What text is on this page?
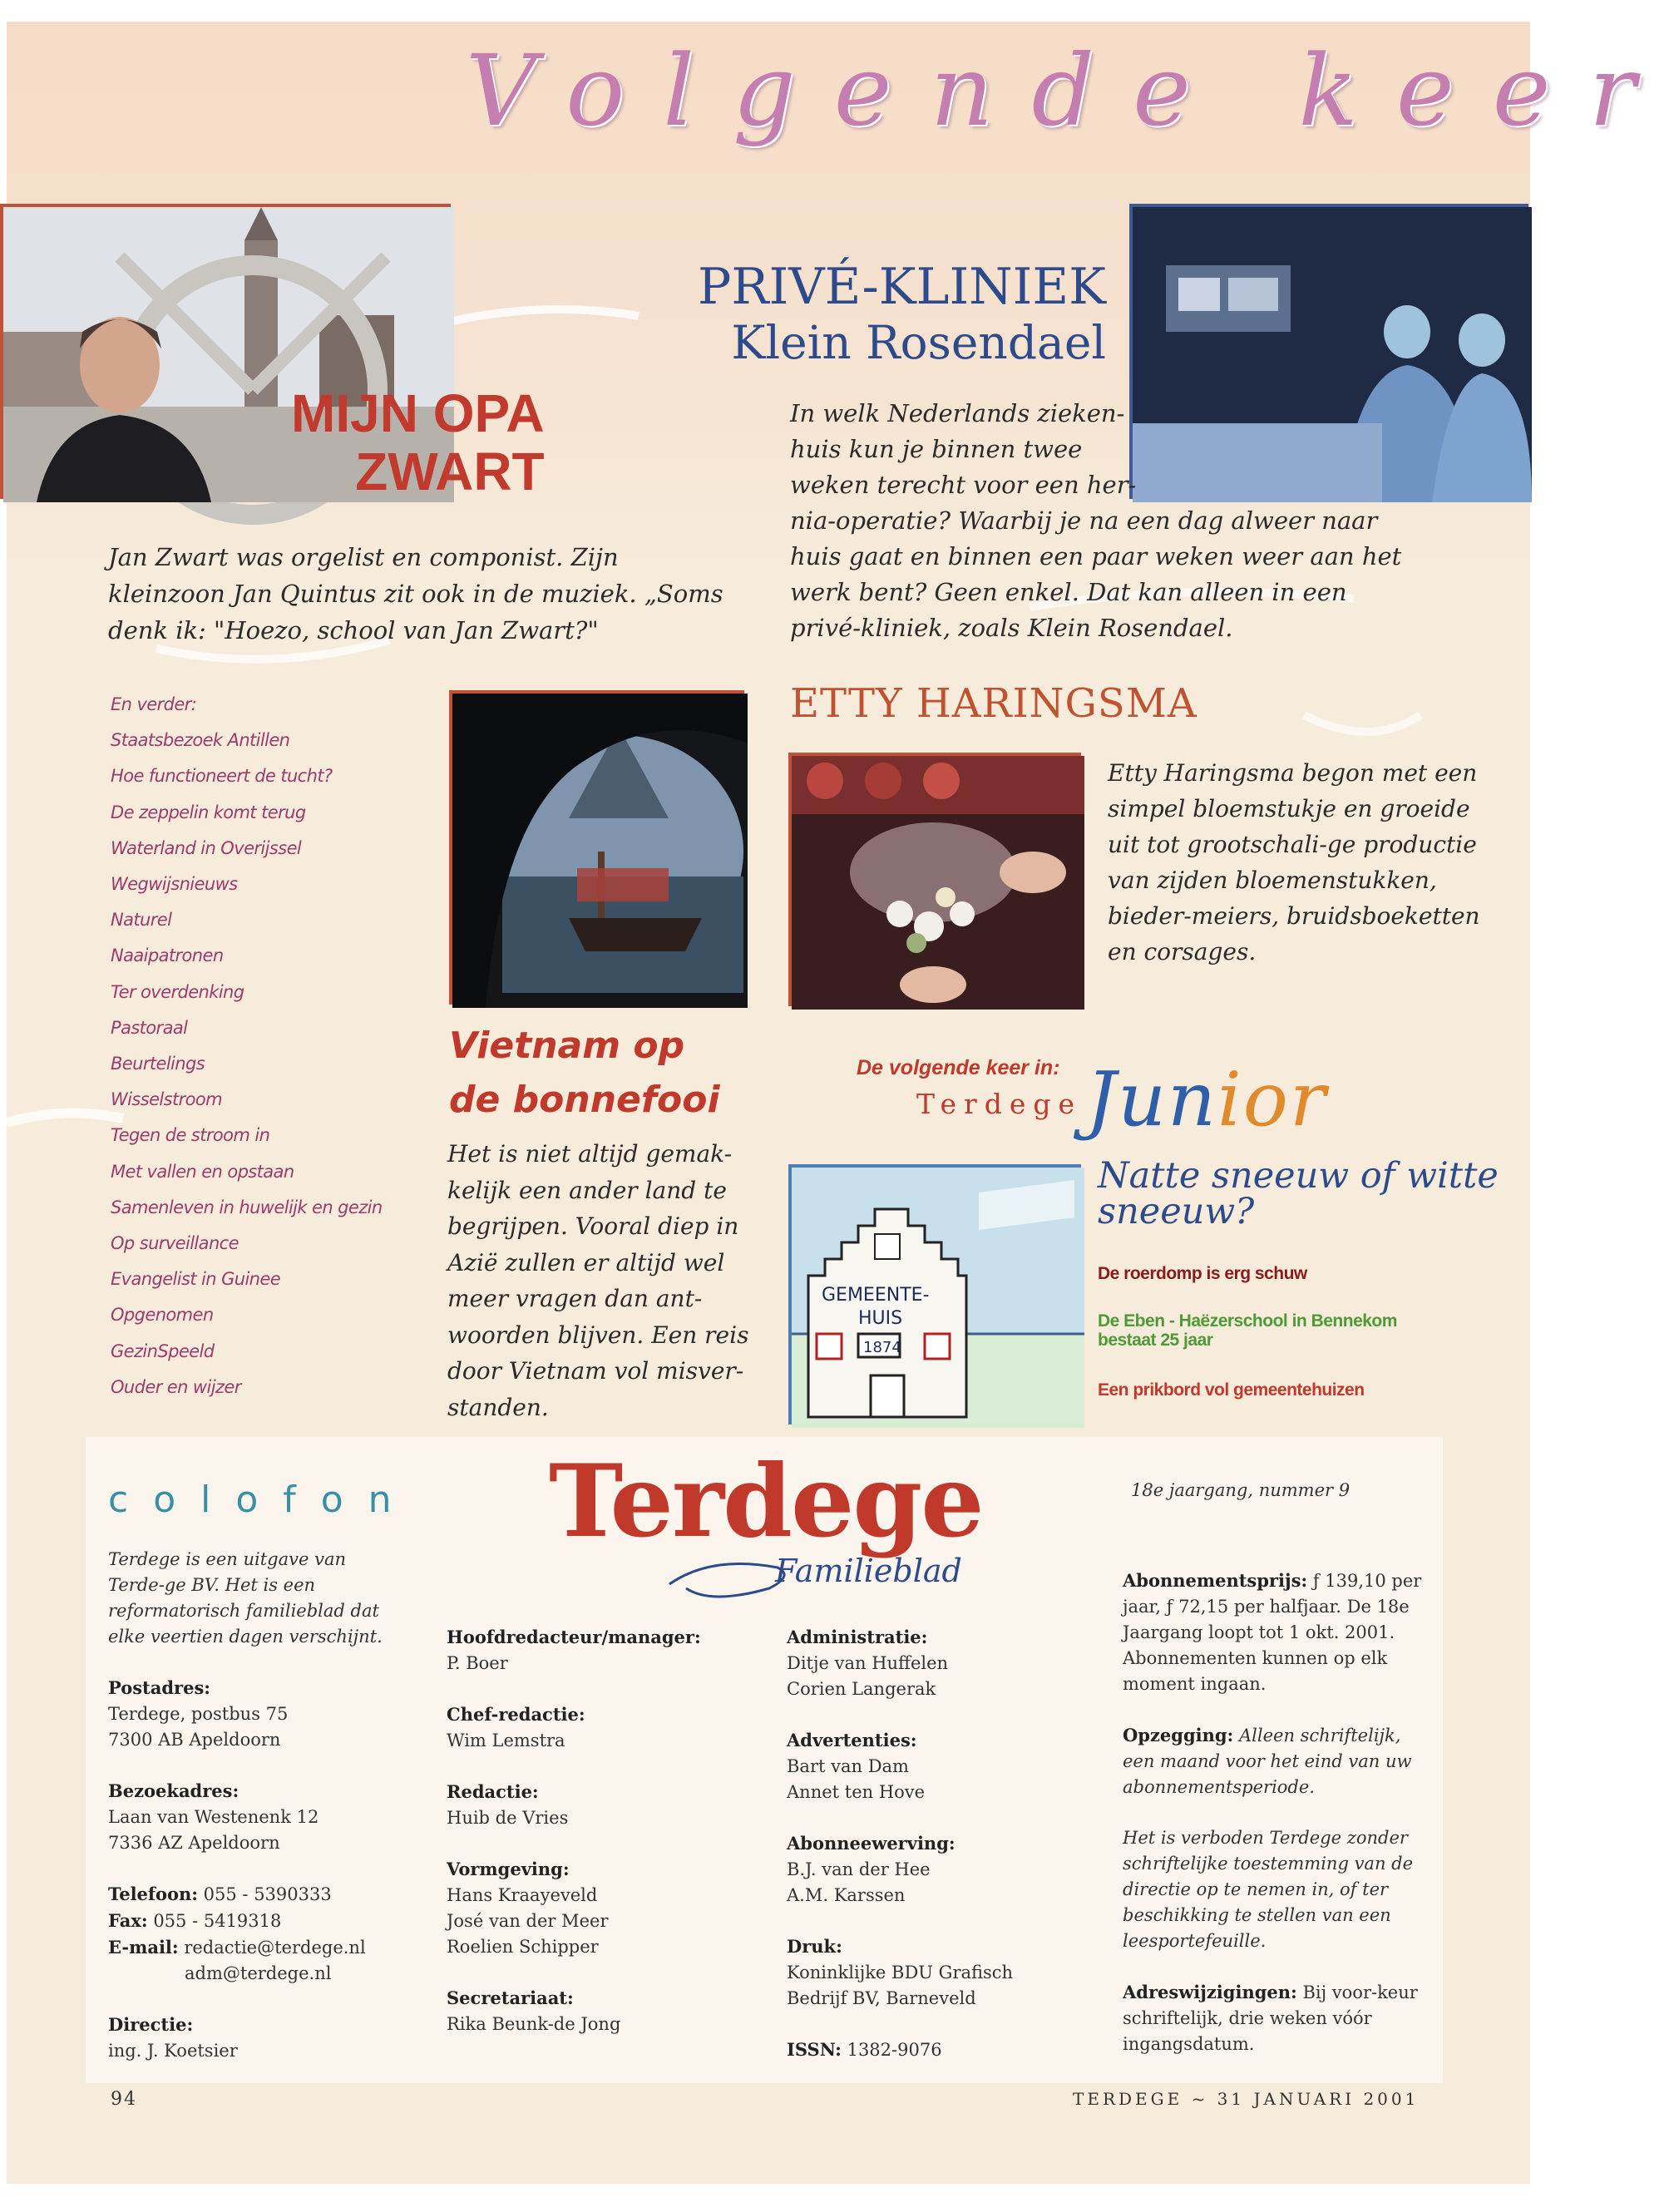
Volgende keer
MIJN OPA
ZWART
Jan Zwart was orgelist en componist. Zijn kleinzoon Jan Quintus zit ook in de muziek. „Soms denk ik: "Hoezo, school van Jan Zwart?"
PRIVÉ-KLINIEK
Klein Rosendael
In welk Nederlands zieken-huis kun je binnen twee weken terecht voor een her-
nia-operatie? Waarbij je na een dag alweer naar huis gaat en binnen een paar weken weer aan het werk bent? Geen enkel. Dat kan alleen in een privé-kliniek, zoals Klein Rosendael.
En verder:
Staatsbezoek Antillen
Hoe functioneert de tucht?
De zeppelin komt terug
Waterland in Overijssel
Wegwijsnieuws
Naturel
Naaipatronen
Ter overdenking
Pastoraal
Beurtelings
Wisselstroom
Tegen de stroom in
Met vallen en opstaan
Samenleven in huwelijk en gezin
Op surveillance
Evangelist in Guinee
Opgenomen
GezinSpeeld
Ouder en wijzer
Vietnam op
de bonnefooi
Het is niet altijd gemak-kelijk een ander land te begrijpen. Vooral diep in Azië zullen er altijd wel meer vragen dan ant-woorden blijven. Een reis door Vietnam vol misver-standen.
ETTY HARINGSMA
Etty Haringsma begon met een simpel bloemstukje en groeide uit tot grootschali-ge productie van zijden bloemenstukken, bieder-meiers, bruidsboeketten en corsages.
De volgende keer in:
Terdege Junior
GEMEENTE-
HUIS
1874
Natte sneeuw of witte sneeuw?
De roerdomp is erg schuw
De Eben - Haëzerschool in Bennekom bestaat 25 jaar
Een prikbord vol gemeentehuizen
colofon Terdege
Familieblad
18e jaargang, nummer 9
Terdege is een uitgave van Terde-ge BV. Het is een reformatorisch familieblad dat elke veertien dagen verschijnt.
Postadres:
Terdege, postbus 75
7300 AB Apeldoorn
Bezoekadres:
Laan van Westenenk 12
7336 AZ Apeldoorn
Telefoon: 055 - 5390333
Fax: 055 - 5419318
E-mail: redactie@terdege.nl
adm@terdege.nl
Directie:
ing. J. Koetsier
Hoofdredacteur/manager:
P. Boer
Chef-redactie:
Wim Lemstra
Redactie:
Huib de Vries
Vormgeving:
Hans Kraayeveld
José van der Meer
Roelien Schipper
Secretariaat:
Rika Beunk-de Jong
Administratie:
Ditje van Huffelen
Corien Langerak
Advertenties:
Bart van Dam
Annet ten Hove
Abonneewerving:
B.J. van der Hee
A.M. Karssen
Druk:
Koninklijke BDU Grafisch
Bedrijf BV, Barneveld
ISSN: 1382-9076
Abonnementsprijs: ƒ 139,10 per jaar, ƒ 72,15 per halfjaar. De 18e Jaargang loopt tot 1 okt. 2001. Abonnementen kunnen op elk moment ingaan.
Opzegging: Alleen schriftelijk, een maand voor het eind van uw abonnementsperiode.
Het is verboden Terdege zonder schriftelijke toestemming van de directie op te nemen in, of ter beschikking te stellen van een leesportefeuille.
Adreswijzigingen: Bij voor-keur schriftelijk, drie weken vóór ingangsdatum.
94	TERDEGE ~ 31 JANUARI 2001
